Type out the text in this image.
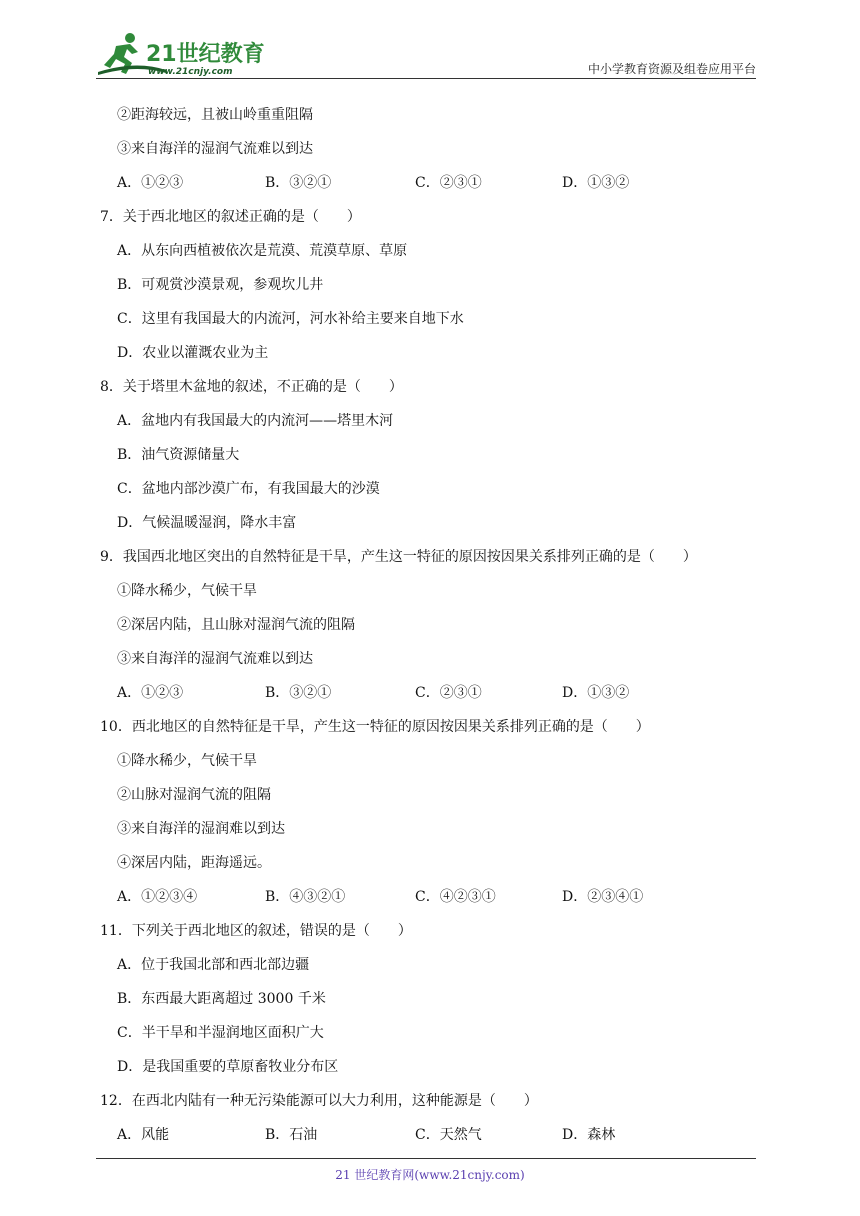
21世纪教育
www.21cnjy.com	中小学教育资源及组卷应用平台
②距海较远，且被山岭重重阻隔
③来自海洋的湿润气流难以到达
A．①②③	B．③②①	C．②③①	D．①③②
7．关于西北地区的叙述正确的是（　　）
A．从东向西植被依次是荒漠、荒漠草原、草原
B．可观赏沙漠景观，参观坎儿井
C．这里有我国最大的内流河，河水补给主要来自地下水
D．农业以灌溉农业为主
8．关于塔里木盆地的叙述，不正确的是（　　）
A．盆地内有我国最大的内流河——塔里木河
B．油气资源储量大
C．盆地内部沙漠广布，有我国最大的沙漠
D．气候温暖湿润，降水丰富
9．我国西北地区突出的自然特征是干旱，产生这一特征的原因按因果关系排列正确的是（　　）
①降水稀少，气候干旱
②深居内陆，且山脉对湿润气流的阻隔
③来自海洋的湿润气流难以到达
A．①②③	B．③②①	C．②③①	D．①③②
10．西北地区的自然特征是干旱，产生这一特征的原因按因果关系排列正确的是（　　）
①降水稀少，气候干旱
②山脉对湿润气流的阻隔
③来自海洋的湿润难以到达
④深居内陆，距海遥远。
A．①②③④	B．④③②①	C．④②③①	D．②③④①
11．下列关于西北地区的叙述，错误的是（　　）
A．位于我国北部和西北部边疆
B．东西最大距离超过 3000 千米
C．半干旱和半湿润地区面积广大
D．是我国重要的草原畜牧业分布区
12．在西北内陆有一种无污染能源可以大力利用，这种能源是（　　）
A．风能	B．石油	C．天然气	D．森林
21 世纪教育网(www.21cnjy.com)
